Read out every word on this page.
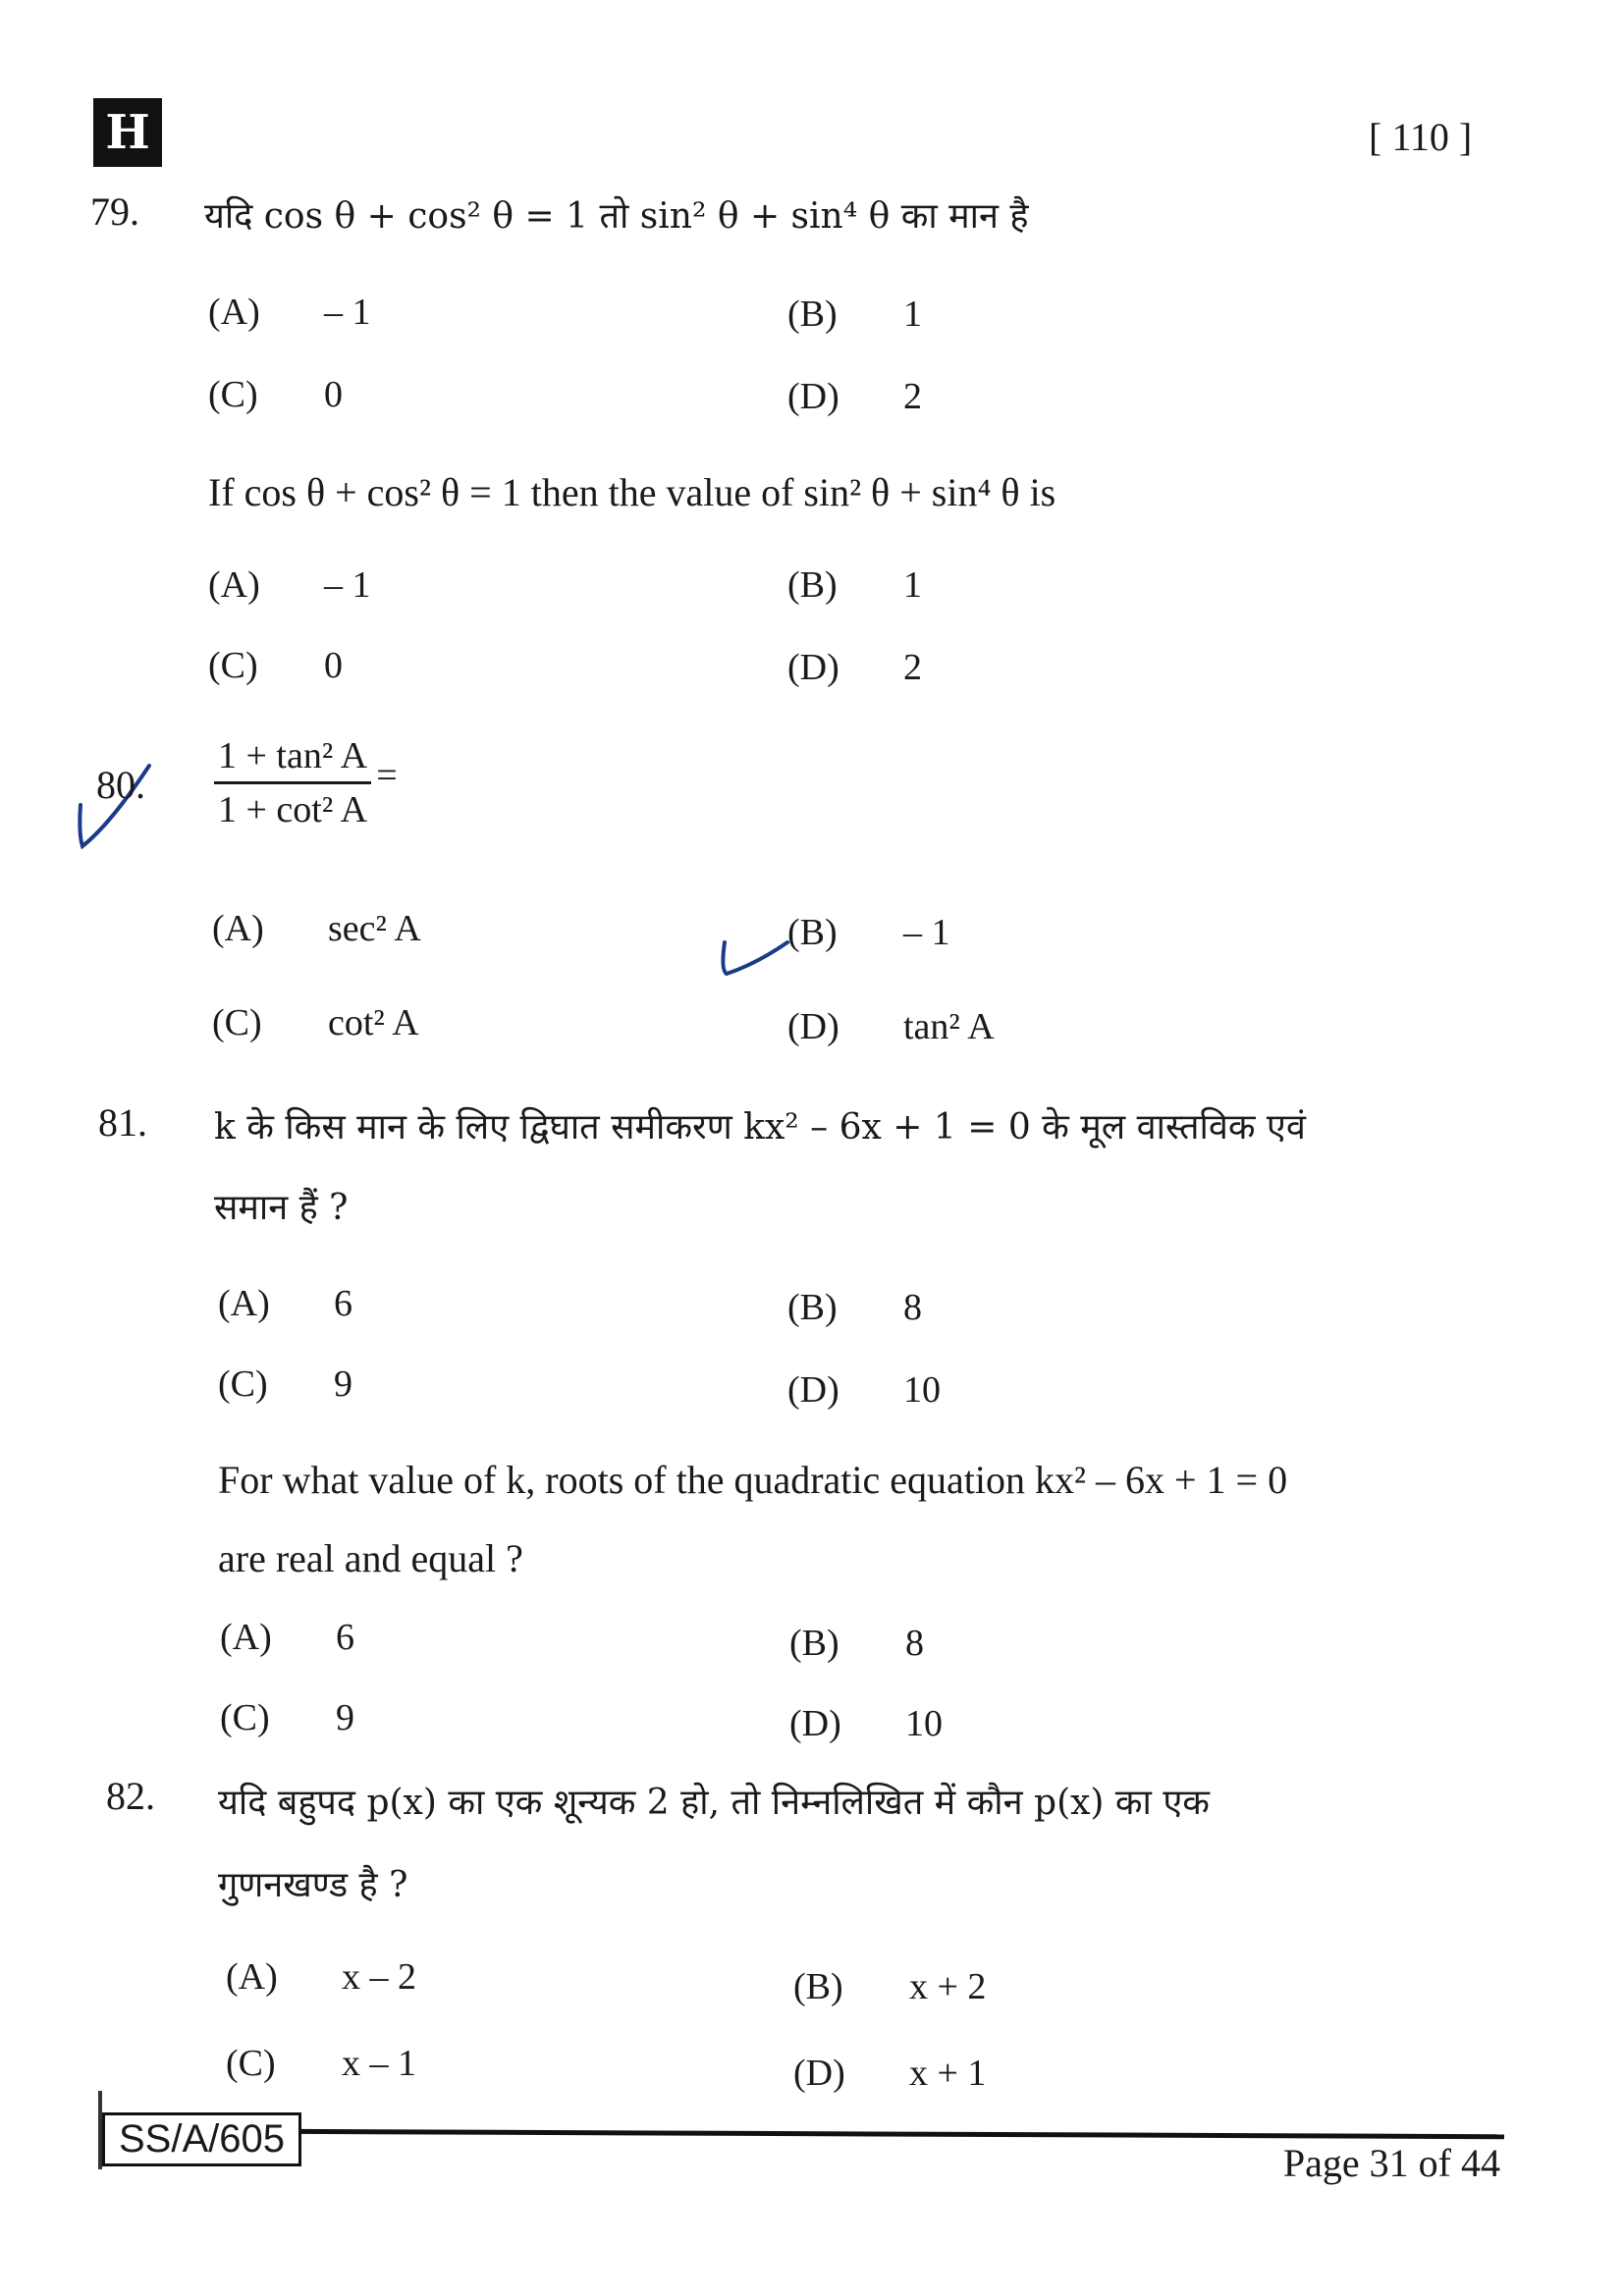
H	[ 110 ]
79. यदि cos θ + cos² θ = 1 तो sin² θ + sin⁴ θ का मान है
(A) – 1	(B) 1
(C) 0	(D) 2
If cos θ + cos² θ = 1 then the value of sin² θ + sin⁴ θ is
(A) – 1	(B) 1
(C) 0	(D) 2
80. $\frac{\text{1 + tan² A}}{\text{1 + cot² A}}$ =
(A) sec² A	(B) – 1
(C) cot² A	(D) tan² A
81. k के किस मान के लिए द्विघात समीकरण kx² – 6x + 1 = 0 के मूल वास्तविक एवं
समान हैं ?
(A) 6	(B) 8
(C) 9	(D) 10
For what value of k, roots of the quadratic equation kx² – 6x + 1 = 0
are real and equal ?
(A) 6	(B) 8
(C) 9	(D) 10
82. यदि बहुपद p(x) का एक शून्यक 2 हो, तो निम्नलिखित में कौन p(x) का एक
गुणनखण्ड है ?
(A) x – 2	(B) x + 2
(C) x – 1	(D) x + 1
SS/A/605
Page 31 of 44
